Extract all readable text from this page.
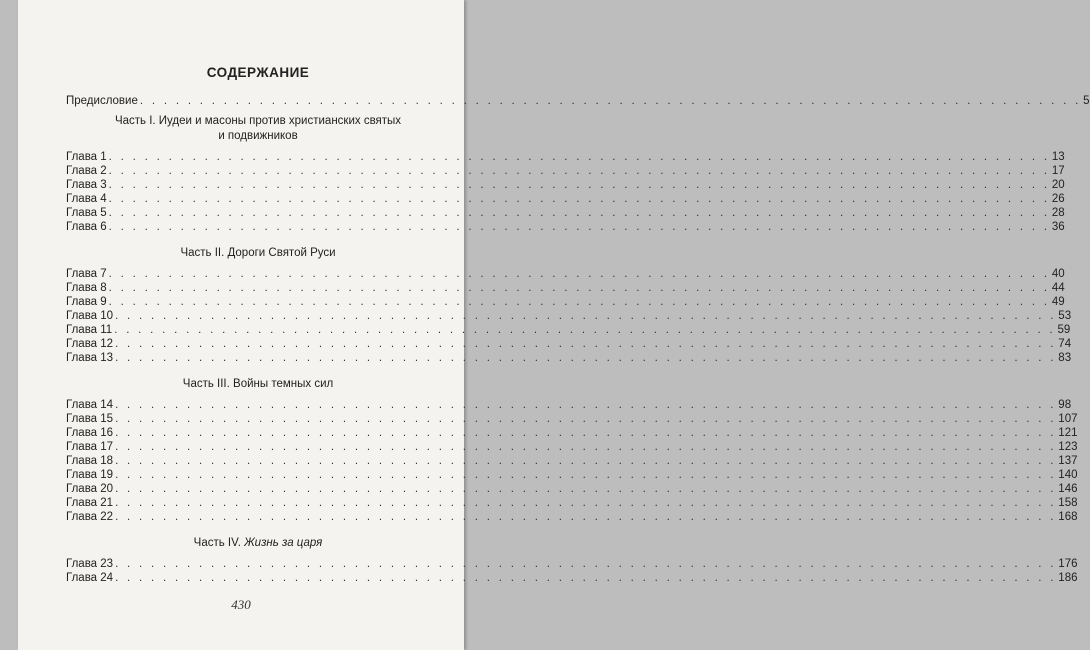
СОДЕРЖАНИЕ
Предисловие . . . . . . . . . . . . . . . . . . . . . . . . . . . . . . . . . . . . . . . . . . . . . . . . . . . . . . . . . . . . . . . . . . . . . . . . . . . . . . . 5
Часть I. Иудеи и масоны против христианских святых
и подвижников
Глава 1 . . . . . . . . . . . . . . . . . . . . . . . . . . . . . . . . . . . . . . . . . . . . . . . . . . . . . . . . . . . . . . . . . . . . . . . . . . . . . . . 13
Глава 2 . . . . . . . . . . . . . . . . . . . . . . . . . . . . . . . . . . . . . . . . . . . . . . . . . . . . . . . . . . . . . . . . . . . . . . . . . . . . . . . 17
Глава 3 . . . . . . . . . . . . . . . . . . . . . . . . . . . . . . . . . . . . . . . . . . . . . . . . . . . . . . . . . . . . . . . . . . . . . . . . . . . . . . . 20
Глава 4 . . . . . . . . . . . . . . . . . . . . . . . . . . . . . . . . . . . . . . . . . . . . . . . . . . . . . . . . . . . . . . . . . . . . . . . . . . . . . . . 26
Глава 5 . . . . . . . . . . . . . . . . . . . . . . . . . . . . . . . . . . . . . . . . . . . . . . . . . . . . . . . . . . . . . . . . . . . . . . . . . . . . . . . 28
Глава 6 . . . . . . . . . . . . . . . . . . . . . . . . . . . . . . . . . . . . . . . . . . . . . . . . . . . . . . . . . . . . . . . . . . . . . . . . . . . . . . . 36
Часть II. Дороги Святой Руси
Глава 7 . . . . . . . . . . . . . . . . . . . . . . . . . . . . . . . . . . . . . . . . . . . . . . . . . . . . . . . . . . . . . . . . . . . . . . . . . . . . . . . 40
Глава 8 . . . . . . . . . . . . . . . . . . . . . . . . . . . . . . . . . . . . . . . . . . . . . . . . . . . . . . . . . . . . . . . . . . . . . . . . . . . . . . . 44
Глава 9 . . . . . . . . . . . . . . . . . . . . . . . . . . . . . . . . . . . . . . . . . . . . . . . . . . . . . . . . . . . . . . . . . . . . . . . . . . . . . . . 49
Глава 10 . . . . . . . . . . . . . . . . . . . . . . . . . . . . . . . . . . . . . . . . . . . . . . . . . . . . . . . . . . . . . . . . . . . . . . . . . . . . . . . 53
Глава 11 . . . . . . . . . . . . . . . . . . . . . . . . . . . . . . . . . . . . . . . . . . . . . . . . . . . . . . . . . . . . . . . . . . . . . . . . . . . . . . . 59
Глава 12 . . . . . . . . . . . . . . . . . . . . . . . . . . . . . . . . . . . . . . . . . . . . . . . . . . . . . . . . . . . . . . . . . . . . . . . . . . . . . . . 74
Глава 13 . . . . . . . . . . . . . . . . . . . . . . . . . . . . . . . . . . . . . . . . . . . . . . . . . . . . . . . . . . . . . . . . . . . . . . . . . . . . . . . 83
Часть III. Войны темных сил
Глава 14 . . . . . . . . . . . . . . . . . . . . . . . . . . . . . . . . . . . . . . . . . . . . . . . . . . . . . . . . . . . . . . . . . . . . . . . . . . . . . . . 98
Глава 15 . . . . . . . . . . . . . . . . . . . . . . . . . . . . . . . . . . . . . . . . . . . . . . . . . . . . . . . . . . . . . . . . . . . . . . . . . . . . . . . 107
Глава 16 . . . . . . . . . . . . . . . . . . . . . . . . . . . . . . . . . . . . . . . . . . . . . . . . . . . . . . . . . . . . . . . . . . . . . . . . . . . . . . . 121
Глава 17 . . . . . . . . . . . . . . . . . . . . . . . . . . . . . . . . . . . . . . . . . . . . . . . . . . . . . . . . . . . . . . . . . . . . . . . . . . . . . . . 123
Глава 18 . . . . . . . . . . . . . . . . . . . . . . . . . . . . . . . . . . . . . . . . . . . . . . . . . . . . . . . . . . . . . . . . . . . . . . . . . . . . . . . 137
Глава 19 . . . . . . . . . . . . . . . . . . . . . . . . . . . . . . . . . . . . . . . . . . . . . . . . . . . . . . . . . . . . . . . . . . . . . . . . . . . . . . . 140
Глава 20 . . . . . . . . . . . . . . . . . . . . . . . . . . . . . . . . . . . . . . . . . . . . . . . . . . . . . . . . . . . . . . . . . . . . . . . . . . . . . . . 146
Глава 21 . . . . . . . . . . . . . . . . . . . . . . . . . . . . . . . . . . . . . . . . . . . . . . . . . . . . . . . . . . . . . . . . . . . . . . . . . . . . . . . 158
Глава 22 . . . . . . . . . . . . . . . . . . . . . . . . . . . . . . . . . . . . . . . . . . . . . . . . . . . . . . . . . . . . . . . . . . . . . . . . . . . . . . . 168
Часть IV. Жизнь за царя
Глава 23 . . . . . . . . . . . . . . . . . . . . . . . . . . . . . . . . . . . . . . . . . . . . . . . . . . . . . . . . . . . . . . . . . . . . . . . . . . . . . . . 176
Глава 24 . . . . . . . . . . . . . . . . . . . . . . . . . . . . . . . . . . . . . . . . . . . . . . . . . . . . . . . . . . . . . . . . . . . . . . . . . . . . . . . 186
430
